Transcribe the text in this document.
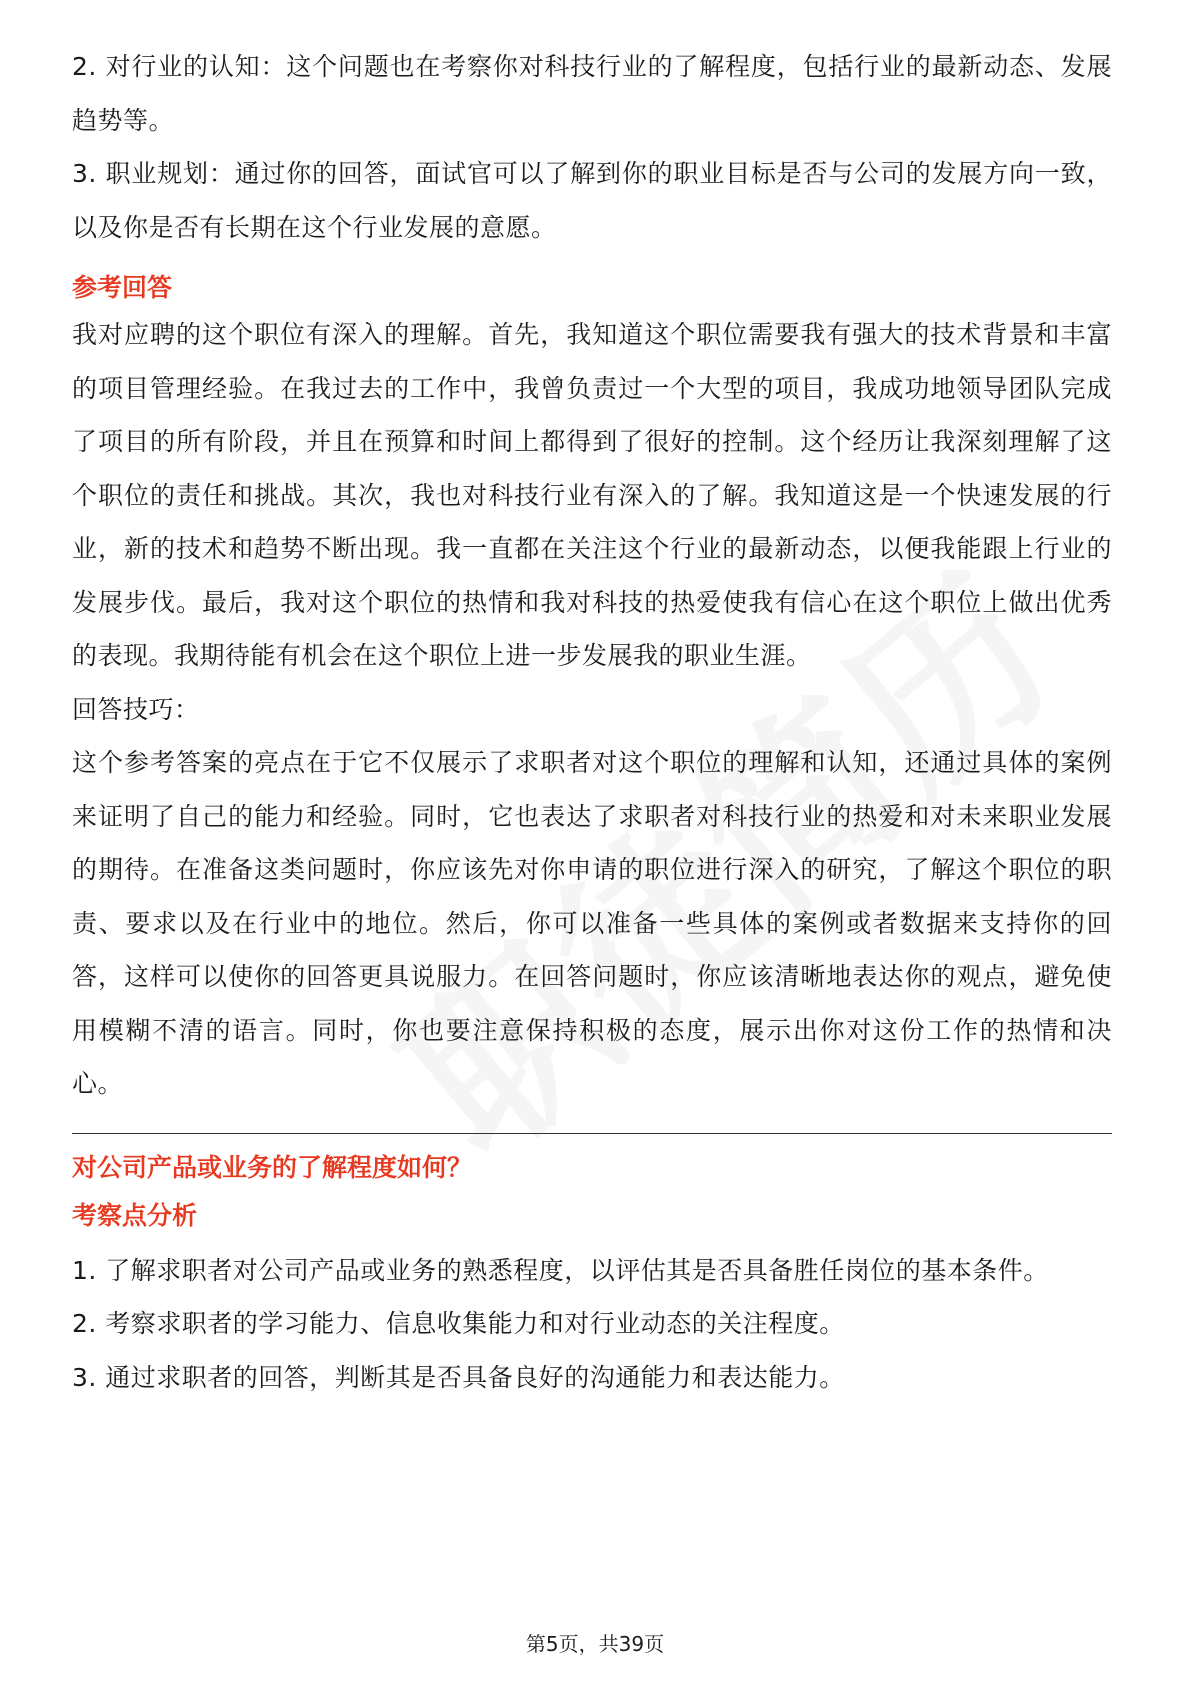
2. 对行业的认知：这个问题也在考察你对科技行业的了解程度，包括行业的最新动态、发展趋势等。

3. 职业规划：通过你的回答，面试官可以了解到你的职业目标是否与公司的发展方向一致，以及你是否有长期在这个行业发展的意愿。

参考回答

我对应聘的这个职位有深入的理解。首先，我知道这个职位需要我有强大的技术背景和丰富的项目管理经验。在我过去的工作中，我曾负责过一个大型的项目，我成功地领导团队完成了项目的所有阶段，并且在预算和时间上都得到了很好的控制。这个经历让我深刻理解了这个职位的责任和挑战。其次，我也对科技行业有深入的了解。我知道这是一个快速发展的行业，新的技术和趋势不断出现。我一直都在关注这个行业的最新动态，以便我能跟上行业的发展步伐。最后，我对这个职位的热情和我对科技的热爱使我有信心在这个职位上做出优秀的表现。我期待能有机会在这个职位上进一步发展我的职业生涯。

回答技巧：

这个参考答案的亮点在于它不仅展示了求职者对这个职位的理解和认知，还通过具体的案例来证明了自己的能力和经验。同时，它也表达了求职者对科技行业的热爱和对未来职业发展的期待。在准备这类问题时，你应该先对你申请的职位进行深入的研究，了解这个职位的职责、要求以及在行业中的地位。然后，你可以准备一些具体的案例或者数据来支持你的回答，这样可以使你的回答更具说服力。在回答问题时，你应该清晰地表达你的观点，避免使用模糊不清的语言。同时，你也要注意保持积极的态度，展示出你对这份工作的热情和决心。

对公司产品或业务的了解程度如何？
考察点分析

1. 了解求职者对公司产品或业务的熟悉程度，以评估其是否具备胜任岗位的基本条件。

2. 考察求职者的学习能力、信息收集能力和对行业动态的关注程度。

3. 通过求职者的回答，判断其是否具备良好的沟通能力和表达能力。

第5页，共39页
